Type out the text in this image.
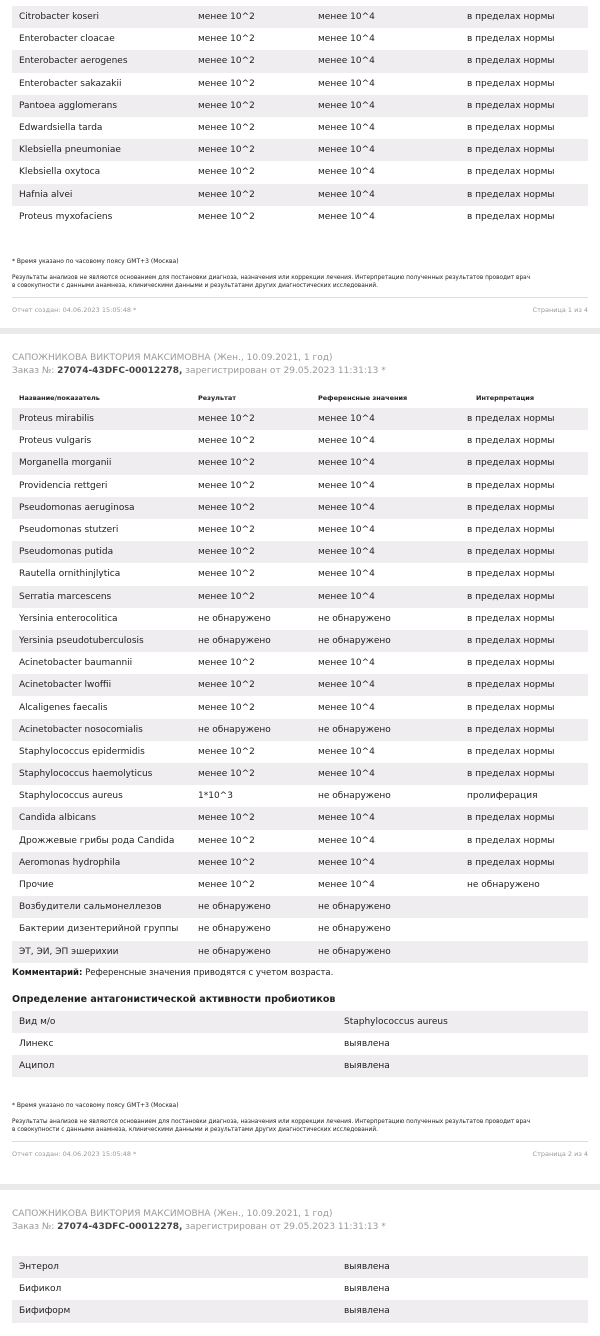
Citrobacter koseri	менее 10^2	менее 10^4	в пределах нормы
Enterobacter cloacae	менее 10^2	менее 10^4	в пределах нормы
Enterobacter aerogenes	менее 10^2	менее 10^4	в пределах нормы
Enterobacter sakazakii	менее 10^2	менее 10^4	в пределах нормы
Pantoea agglomerans	менее 10^2	менее 10^4	в пределах нормы
Edwardsiella tarda	менее 10^2	менее 10^4	в пределах нормы
Klebsiella pneumoniae	менее 10^2	менее 10^4	в пределах нормы
Klebsiella oxytoca	менее 10^2	менее 10^4	в пределах нормы
Hafnia alvei	менее 10^2	менее 10^4	в пределах нормы
Proteus myxofaciens	менее 10^2	менее 10^4	в пределах нормы
* Время указано по часовому поясу GMT+3 (Москва)
Результаты анализов не являются основанием для постановки диагноза, назначения или коррекции лечения. Интерпретацию полученных результатов проводит врач
в совокупности с данными анамнеза, клиническими данными и результатами других диагностических исследований.
Отчет создан: 04.06.2023 15:05:48 *	Страница 1 из 4
САПОЖНИКОВА ВИКТОРИЯ МАКСИМОВНА (Жен., 10.09.2021, 1 год)
Заказ №: 27074-43DFC-00012278, зарегистрирован от 29.05.2023 11:31:13 *
Название/показатель	Результат	Референсные значения	Интерпретация
Proteus mirabilis	менее 10^2	менее 10^4	в пределах нормы
Proteus vulgaris	менее 10^2	менее 10^4	в пределах нормы
Morganella morganii	менее 10^2	менее 10^4	в пределах нормы
Providencia rettgeri	менее 10^2	менее 10^4	в пределах нормы
Pseudomonas aeruginosa	менее 10^2	менее 10^4	в пределах нормы
Pseudomonas stutzeri	менее 10^2	менее 10^4	в пределах нормы
Pseudomonas putida	менее 10^2	менее 10^4	в пределах нормы
Rautella ornithinjlytica	менее 10^2	менее 10^4	в пределах нормы
Serratia marcescens	менее 10^2	менее 10^4	в пределах нормы
Yersinia enterocolitica	не обнаружено	не обнаружено	в пределах нормы
Yersinia pseudotuberculosis	не обнаружено	не обнаружено	в пределах нормы
Acinetobacter baumannii	менее 10^2	менее 10^4	в пределах нормы
Acinetobacter lwoffii	менее 10^2	менее 10^4	в пределах нормы
Alcaligenes faecalis	менее 10^2	менее 10^4	в пределах нормы
Acinetobacter nosocomialis	не обнаружено	не обнаружено	в пределах нормы
Staphylococcus epidermidis	менее 10^2	менее 10^4	в пределах нормы
Staphylococcus haemolyticus	менее 10^2	менее 10^4	в пределах нормы
Staphylococcus aureus	1*10^3	не обнаружено	пролиферация
Candida albicans	менее 10^2	менее 10^4	в пределах нормы
Дрожжевые грибы рода Candida	менее 10^2	менее 10^4	в пределах нормы
Aeromonas hydrophila	менее 10^2	менее 10^4	в пределах нормы
Прочие	менее 10^2	менее 10^4	не обнаружено
Возбудители сальмонеллезов	не обнаружено	не обнаружено
Бактерии дизентерийной группы	не обнаружено	не обнаружено
ЭТ, ЭИ, ЭП эшерихии	не обнаружено	не обнаружено
Комментарий: Референсные значения приводятся с учетом возраста.
Определение антагонистической активности пробиотиков
Вид м/о	Staphylococcus aureus
Линекс	выявлена
Аципол	выявлена
* Время указано по часовому поясу GMT+3 (Москва)
Результаты анализов не являются основанием для постановки диагноза, назначения или коррекции лечения. Интерпретацию полученных результатов проводит врач
в совокупности с данными анамнеза, клиническими данными и результатами других диагностических исследований.
Отчет создан: 04.06.2023 15:05:48 *	Страница 2 из 4
САПОЖНИКОВА ВИКТОРИЯ МАКСИМОВНА (Жен., 10.09.2021, 1 год)
Заказ №: 27074-43DFC-00012278, зарегистрирован от 29.05.2023 11:31:13 *
Энтерол	выявлена
Бификол	выявлена
Бифиформ	выявлена
